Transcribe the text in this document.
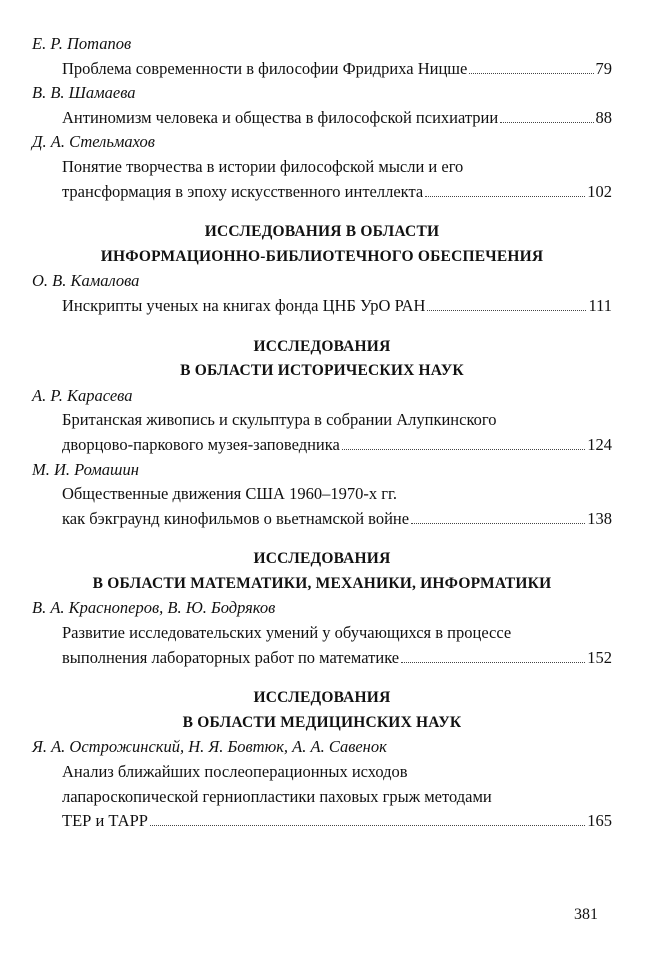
Е. Р. Потапов
Проблема современности в философии Фридриха Ницше	79
В. В. Шамаева
Антиномизм человека и общества в философской психиатрии	88
Д. А. Стельмахов
Понятие творчества в истории философской мысли и его
трансформация в эпоху искусственного интеллекта	102
ИССЛЕДОВАНИЯ В ОБЛАСТИ
ИНФОРМАЦИОННО-БИБЛИОТЕЧНОГО ОБЕСПЕЧЕНИЯ
О. В. Камалова
Инскрипты ученых на книгах фонда ЦНБ УрО РАН	111
ИССЛЕДОВАНИЯ
В ОБЛАСТИ ИСТОРИЧЕСКИХ НАУК
А. Р. Карасева
Британская живопись и скульптура в собрании Алупкинского
дворцово-паркового музея-заповедника	124
М. И. Ромашин
Общественные движения США 1960–1970-х гг.
как бэкграунд кинофильмов о вьетнамской войне	138
ИССЛЕДОВАНИЯ
В ОБЛАСТИ МАТЕМАТИКИ, МЕХАНИКИ, ИНФОРМАТИКИ
В. А. Красноперов, В. Ю. Бодряков
Развитие исследовательских умений у обучающихся в процессе
выполнения лабораторных работ по математике	152
ИССЛЕДОВАНИЯ
В ОБЛАСТИ МЕДИЦИНСКИХ НАУК
Я. А. Острожинский, Н. Я. Бовтюк, А. А. Савенок
Анализ ближайших послеоперационных исходов
лапароскопической герниопластики паховых грыж методами
ТЕР и ТАРР	165
381
